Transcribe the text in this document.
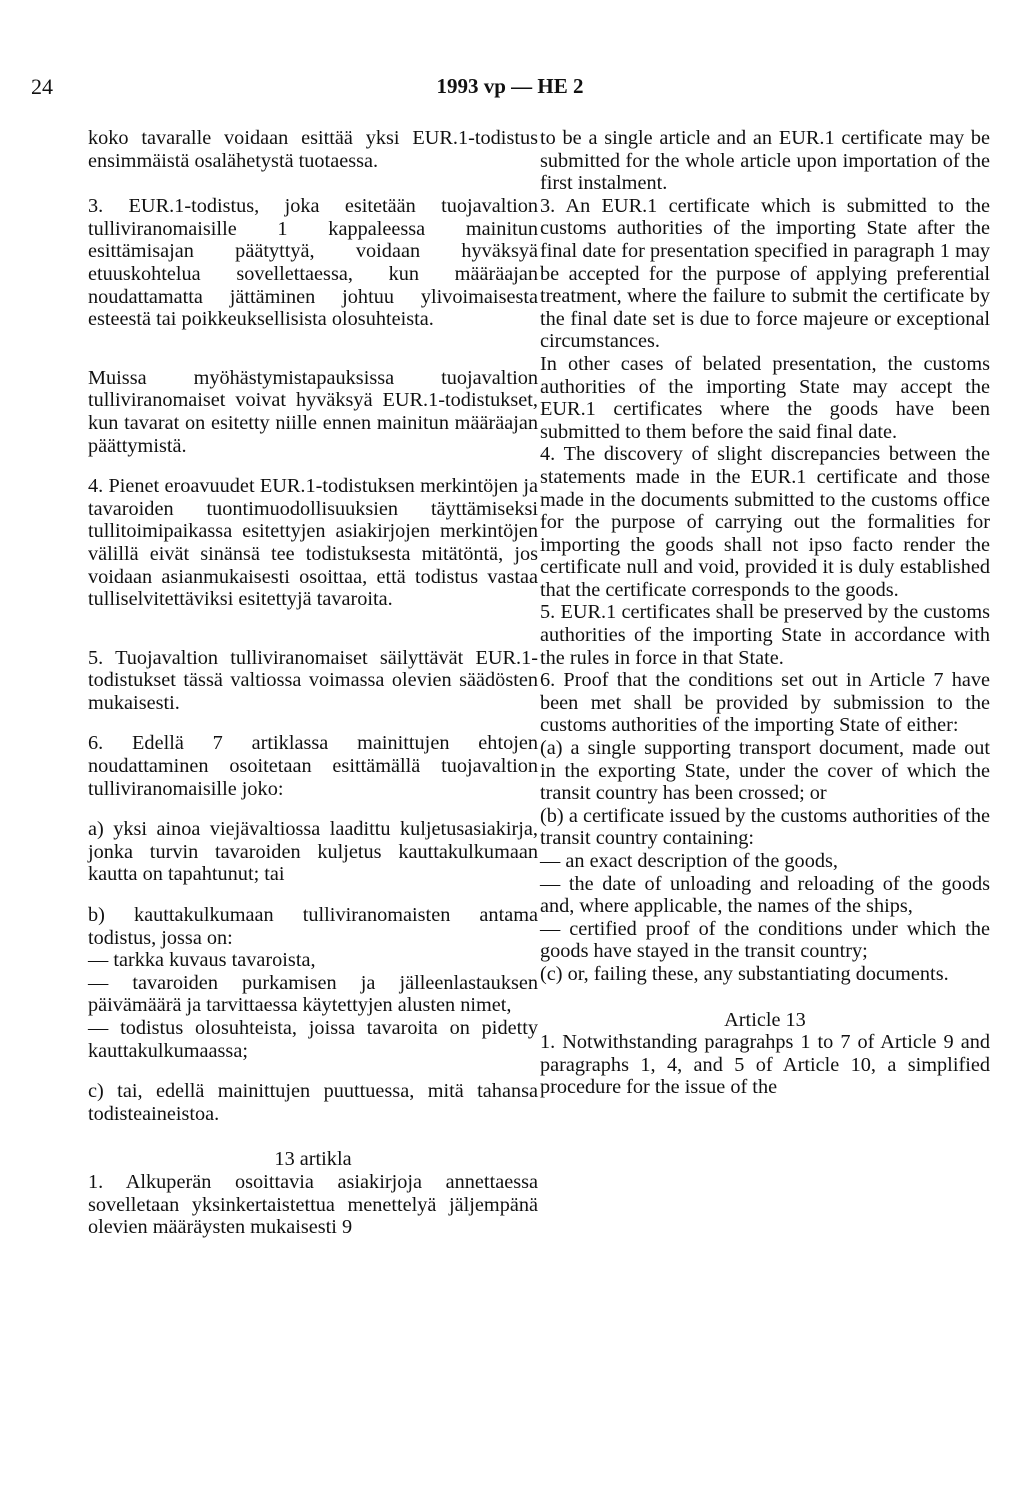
24	1993 vp — HE 2

koko tavaralle voidaan esittää yksi EUR.1-todistus ensimmäistä osalähetystä tuotaessa.

3. EUR.1-todistus, joka esitetään tuojavaltion tulliviranomaisille 1 kappaleessa mainitun esittämisajan päätyttyä, voidaan hyväksyä etuuskohtelua sovellettaessa, kun määräajan noudattamatta jättäminen johtuu ylivoimaisesta esteestä tai poikkeuksellisista olosuhteista.

Muissa myöhästymistapauksissa tuojavaltion tulliviranomaiset voivat hyväksyä EUR.1-todistukset, kun tavarat on esitetty niille ennen mainitun määräajan päättymistä.

4. Pienet eroavuudet EUR.1-todistuksen merkintöjen ja tavaroiden tuontimuodollisuuksien täyttämiseksi tullitoimipaikassa esitettyjen asiakirjojen merkintöjen välillä eivät sinänsä tee todistuksesta mitätöntä, jos voidaan asianmukaisesti osoittaa, että todistus vastaa tulliselvitettäviksi esitettyjä tavaroita.

5. Tuojavaltion tulliviranomaiset säilyttävät EUR.1-todistukset tässä valtiossa voimassa olevien säädösten mukaisesti.

6. Edellä 7 artiklassa mainittujen ehtojen noudattaminen osoitetaan esittämällä tuojavaltion tulliviranomaisille joko:

a) yksi ainoa viejävaltiossa laadittu kuljetusasiakirja, jonka turvin tavaroiden kuljetus kauttakulkumaan kautta on tapahtunut; tai

b) kauttakulkumaan tulliviranomaisten antama todistus, jossa on:

— tarkka kuvaus tavaroista,

— tavaroiden purkamisen ja jälleenlastauksen päivämäärä ja tarvittaessa käytettyjen alusten nimet,

— todistus olosuhteista, joissa tavaroita on pidetty kauttakulkumaassa;

c) tai, edellä mainittujen puuttuessa, mitä tahansa todisteaineistoa.

13 artikla

1. Alkuperän osoittavia asiakirjoja annettaessa sovelletaan yksinkertaistettua menettelyä jäljempänä olevien määräysten mukaisesti 9

to be a single article and an EUR.1 certificate may be submitted for the whole article upon importation of the first instalment.

3. An EUR.1 certificate which is submitted to the customs authorities of the importing State after the final date for presentation specified in paragraph 1 may be accepted for the purpose of applying preferential treatment, where the failure to submit the certificate by the final date set is due to force majeure or exceptional circumstances.

In other cases of belated presentation, the customs authorities of the importing State may accept the EUR.1 certificates where the goods have been submitted to them before the said final date.

4. The discovery of slight discrepancies between the statements made in the EUR.1 certificate and those made in the documents submitted to the customs office for the purpose of carrying out the formalities for importing the goods shall not ipso facto render the certificate null and void, provided it is duly established that the certificate corresponds to the goods.

5. EUR.1 certificates shall be preserved by the customs authorities of the importing State in accordance with the rules in force in that State.

6. Proof that the conditions set out in Article 7 have been met shall be provided by submission to the customs authorities of the importing State of either:

(a) a single supporting transport document, made out in the exporting State, under the cover of which the transit country has been crossed; or

(b) a certificate issued by the customs authorities of the transit country containing:

— an exact description of the goods,

— the date of unloading and reloading of the goods and, where applicable, the names of the ships,

— certified proof of the conditions under which the goods have stayed in the transit country;

(c) or, failing these, any substantiating documents.

Article 13

1. Notwithstanding paragrahps 1 to 7 of Article 9 and paragraphs 1, 4, and 5 of Article 10, a simplified procedure for the issue of the
